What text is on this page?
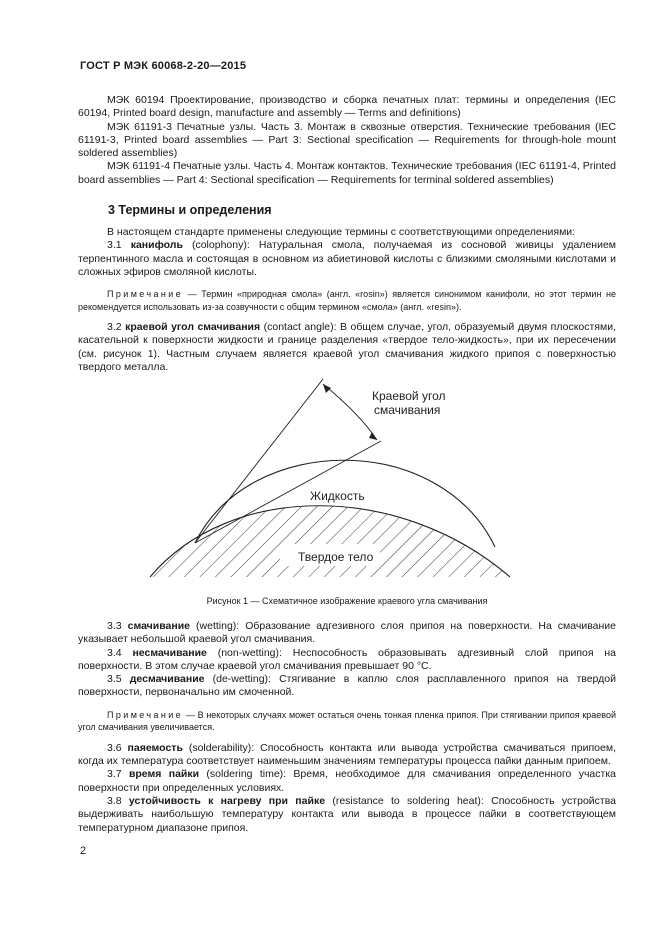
ГОСТ Р МЭК 60068-2-20—2015

МЭК 60194 Проектирование, производство и сборка печатных плат: термины и определения (IEC 60194, Printed board design, manufacture and assembly — Terms and definitions)

МЭК 61191-3 Печатные узлы. Часть 3. Монтаж в сквозные отверстия. Технические требования (IEC 61191-3, Printed board assemblies — Part 3: Sectional specification — Requirements for through-hole mount soldered assemblies)

МЭК 61191-4 Печатные узлы. Часть 4. Монтаж контактов. Технические требования (IEC 61191-4, Printed board assemblies — Part 4: Sectional specification — Requirements for terminal soldered assemblies)

3 Термины и определения

В настоящем стандарте применены следующие термины с соответствующими определениями:

3.1 канифоль (colophony): Натуральная смола, получаемая из сосновой живицы удалением терпентинного масла и состоящая в основном из абиетиновой кислоты с близкими смоляными кислотами и сложных эфиров смоляной кислоты.

Примечание — Термин «природная смола» (англ. «rosin») является синонимом канифоли, но этот термин не рекомендуется использовать из-за созвучности с общим термином «смола» (англ. «resin»).

3.2 краевой угол смачивания (contact angle): В общем случае, угол, образуемый двумя плоскостями, касательной к поверхности жидкости и границе разделения «твердое тело-жидкость», при их пересечении (см. рисунок 1). Частным случаем является краевой угол смачивания жидкого припоя с поверхностью твердого металла.

Краевой угол
смачивания
Жидкость
Твердое тело
Рисунок 1 — Схематичное изображение краевого угла смачивания

3.3 смачивание (wetting): Образование адгезивного слоя припоя на поверхности. На смачивание указывает небольшой краевой угол смачивания.

3.4 несмачивание (non-wetting): Неспособность образовывать адгезивный слой припоя на поверхности. В этом случае краевой угол смачивания превышает 90 °С.

3.5 десмачивание (de-wetting): Стягивание в каплю слоя расплавленного припоя на твердой поверхности, первоначально им смоченной.

Примечание — В некоторых случаях может остаться очень тонкая пленка припоя. При стягивании припоя краевой угол смачивания увеличивается.

3.6 паяемость (solderability): Способность контакта или вывода устройства смачиваться припоем, когда их температура соответствует наименьшим значениям температуры процесса пайки данным припоем.

3.7 время пайки (soldering time): Время, необходимое для смачивания определенного участка поверхности при определенных условиях.

3.8 устойчивость к нагреву при пайке (resistance to soldering heat): Способность устройства выдерживать наибольшую температуру контакта или вывода в процессе пайки в соответствующем температурном диапазоне припоя.

2
